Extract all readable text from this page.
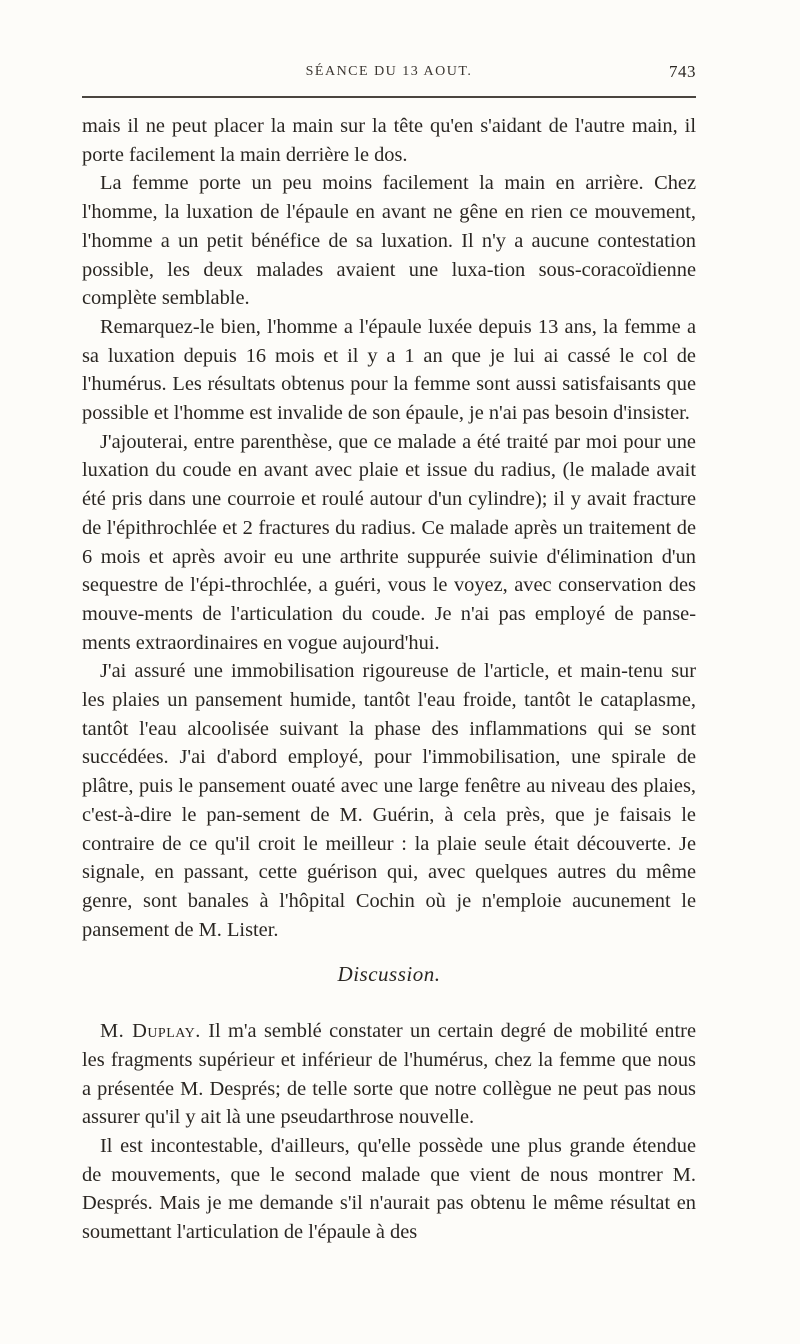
SÉANCE DU 13 AOUT.	743

mais il ne peut placer la main sur la tête qu'en s'aidant de l'autre main, il porte facilement la main derrière le dos.

La femme porte un peu moins facilement la main en arrière. Chez l'homme, la luxation de l'épaule en avant ne gêne en rien ce mouvement, l'homme a un petit bénéfice de sa luxation. Il n'y a aucune contestation possible, les deux malades avaient une luxa-tion sous-coracoïdienne complète semblable.

Remarquez-le bien, l'homme a l'épaule luxée depuis 13 ans, la femme a sa luxation depuis 16 mois et il y a 1 an que je lui ai cassé le col de l'humérus. Les résultats obtenus pour la femme sont aussi satisfaisants que possible et l'homme est invalide de son épaule, je n'ai pas besoin d'insister.

J'ajouterai, entre parenthèse, que ce malade a été traité par moi pour une luxation du coude en avant avec plaie et issue du radius, (le malade avait été pris dans une courroie et roulé autour d'un cylindre); il y avait fracture de l'épithrochlée et 2 fractures du radius. Ce malade après un traitement de 6 mois et après avoir eu une arthrite suppurée suivie d'élimination d'un sequestre de l'épi-throchlée, a guéri, vous le voyez, avec conservation des mouve-ments de l'articulation du coude. Je n'ai pas employé de panse-ments extraordinaires en vogue aujourd'hui.

J'ai assuré une immobilisation rigoureuse de l'article, et main-tenu sur les plaies un pansement humide, tantôt l'eau froide, tantôt le cataplasme, tantôt l'eau alcoolisée suivant la phase des inflammations qui se sont succédées. J'ai d'abord employé, pour l'immobilisation, une spirale de plâtre, puis le pansement ouaté avec une large fenêtre au niveau des plaies, c'est-à-dire le pan-sement de M. Guérin, à cela près, que je faisais le contraire de ce qu'il croit le meilleur : la plaie seule était découverte. Je signale, en passant, cette guérison qui, avec quelques autres du même genre, sont banales à l'hôpital Cochin où je n'emploie aucunement le pansement de M. Lister.

Discussion.

M. Duplay. Il m'a semblé constater un certain degré de mobilité entre les fragments supérieur et inférieur de l'humérus, chez la femme que nous a présentée M. Després; de telle sorte que notre collègue ne peut pas nous assurer qu'il y ait là une pseudarthrose nouvelle.

Il est incontestable, d'ailleurs, qu'elle possède une plus grande étendue de mouvements, que le second malade que vient de nous montrer M. Després. Mais je me demande s'il n'aurait pas obtenu le même résultat en soumettant l'articulation de l'épaule à des
